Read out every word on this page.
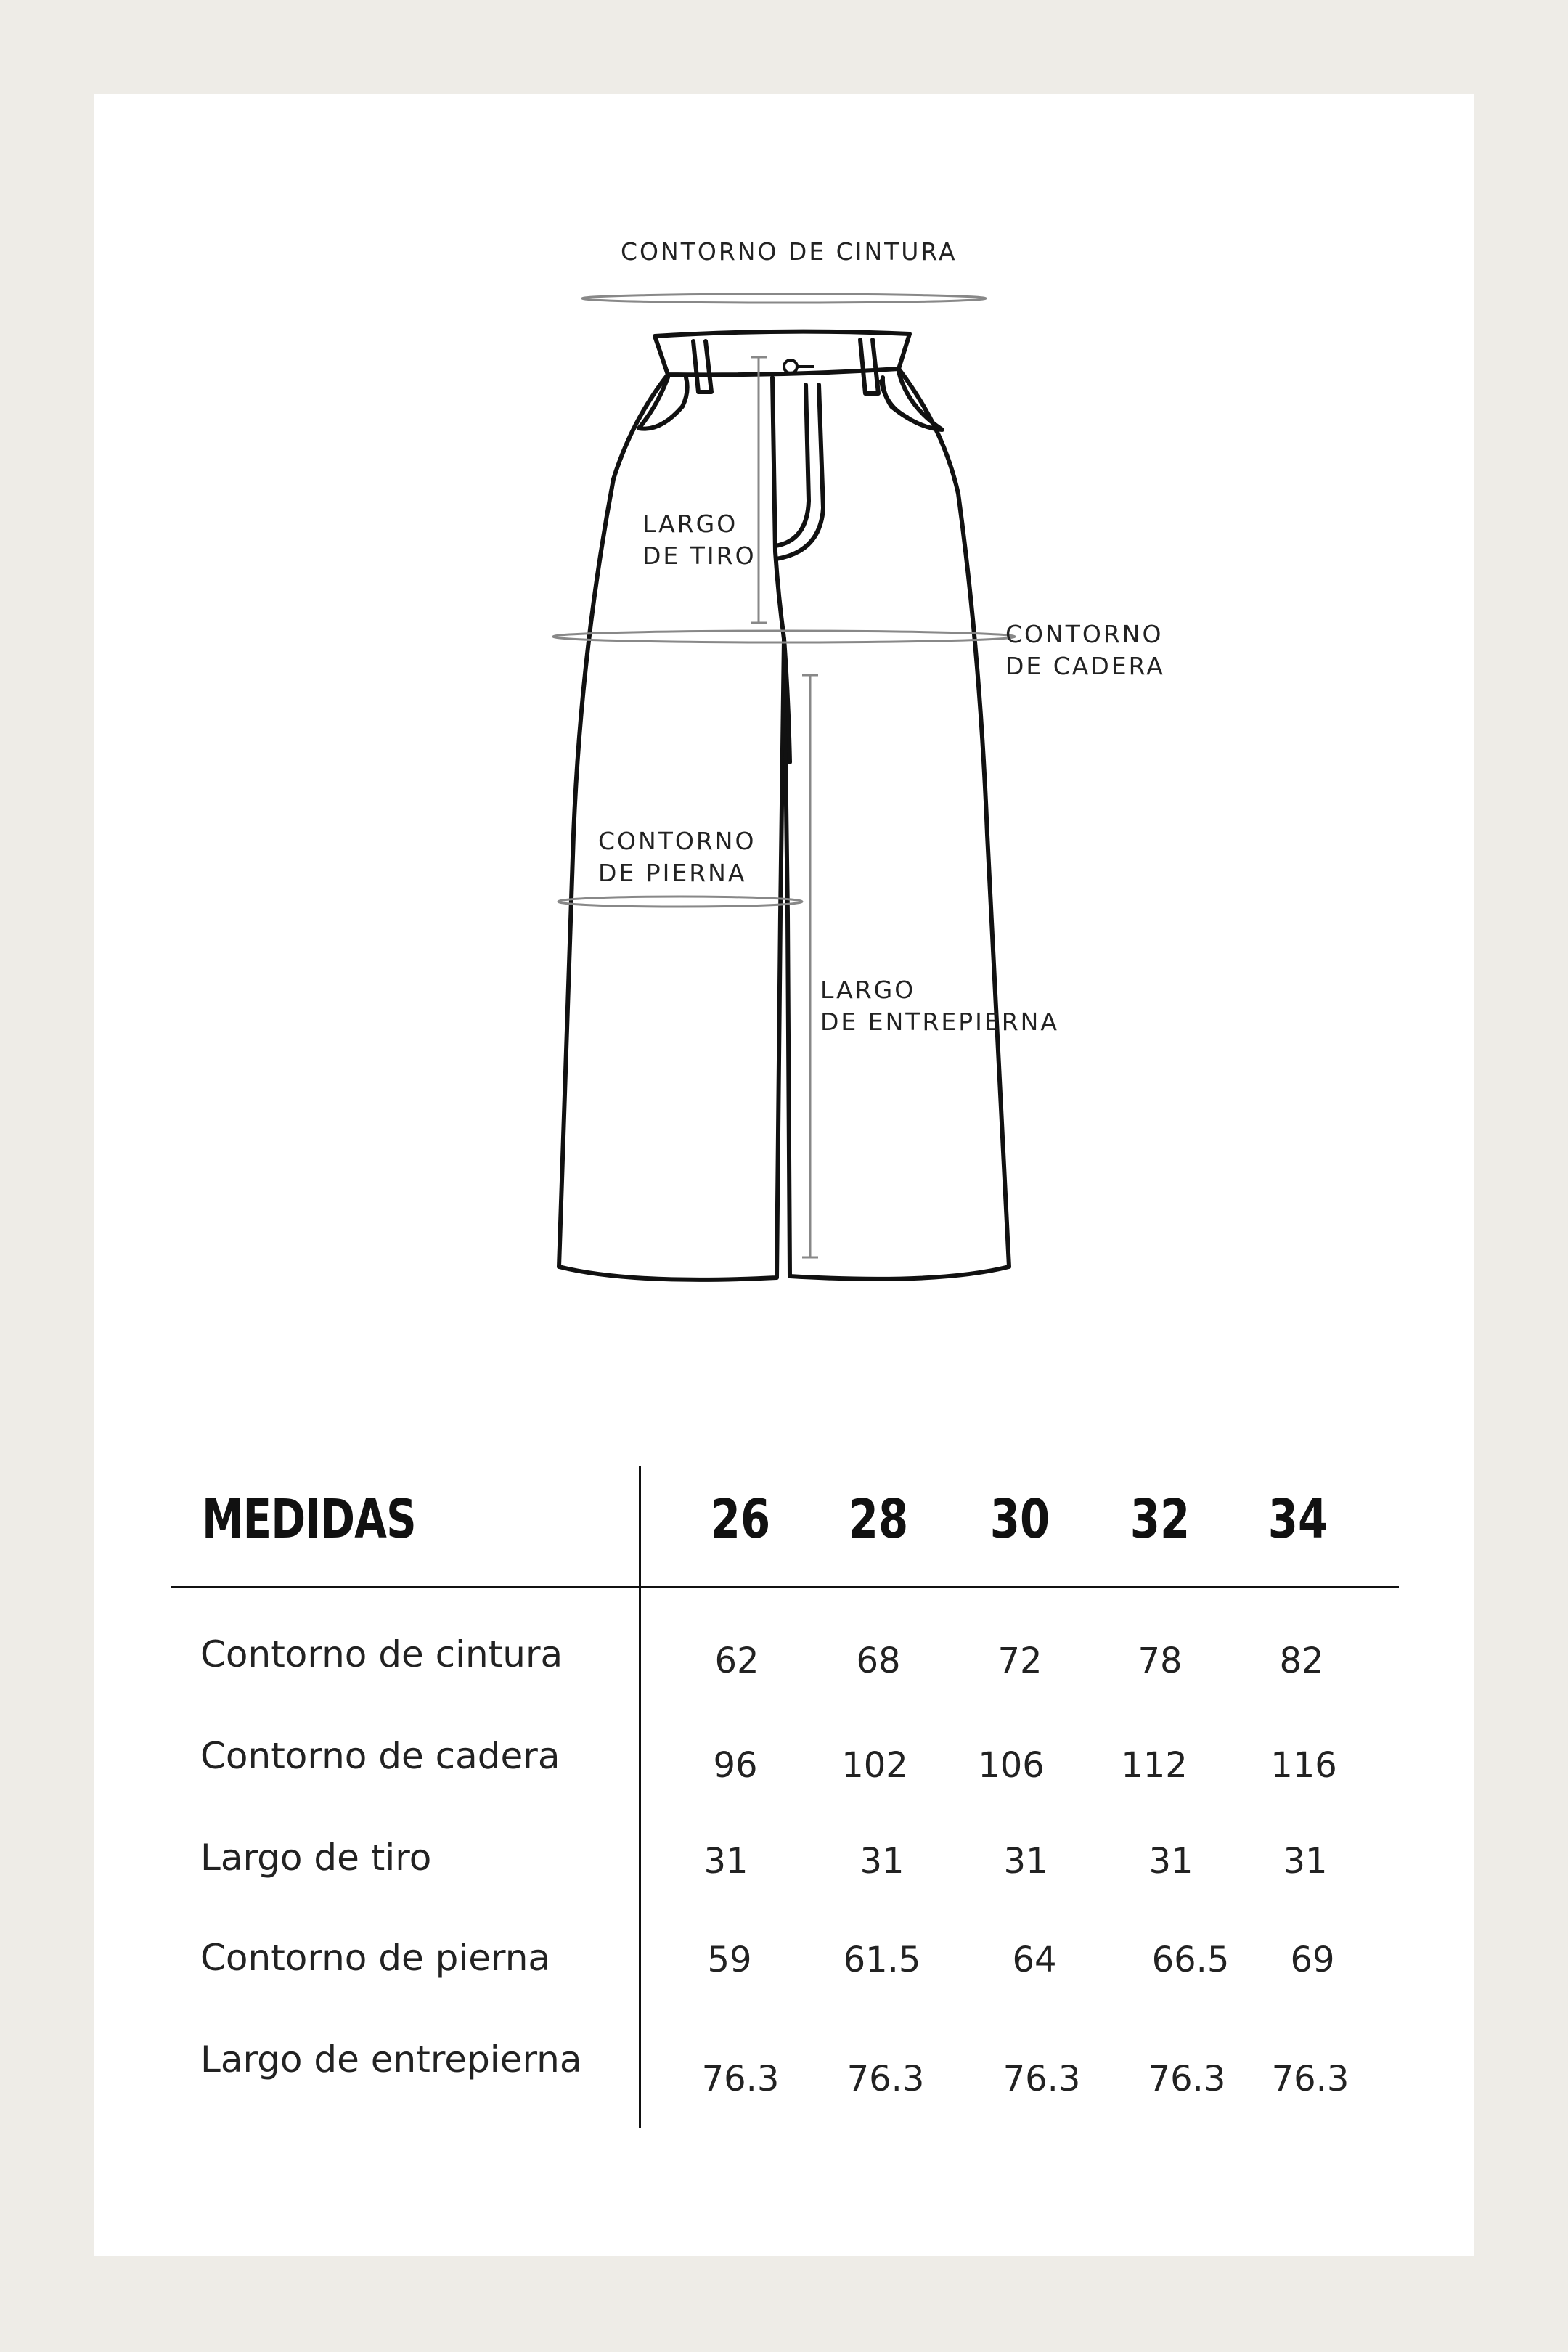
CONTORNO DE CINTURA
LARGO
DE TIRO
CONTORNO
DE CADERA
CONTORNO
DE PIERNA
LARGO
DE ENTREPIERNA
MEDIDAS	26	28	30	32	34
Contorno de cintura	62	68	72	78	82
Contorno de cadera	96	102	106	112	116
Largo de tiro	31	31	31	31	31
Contorno de pierna	59	61.5	64	66.5	69
Largo de entrepierna	76.3	76.3	76.3	76.3	76.3
